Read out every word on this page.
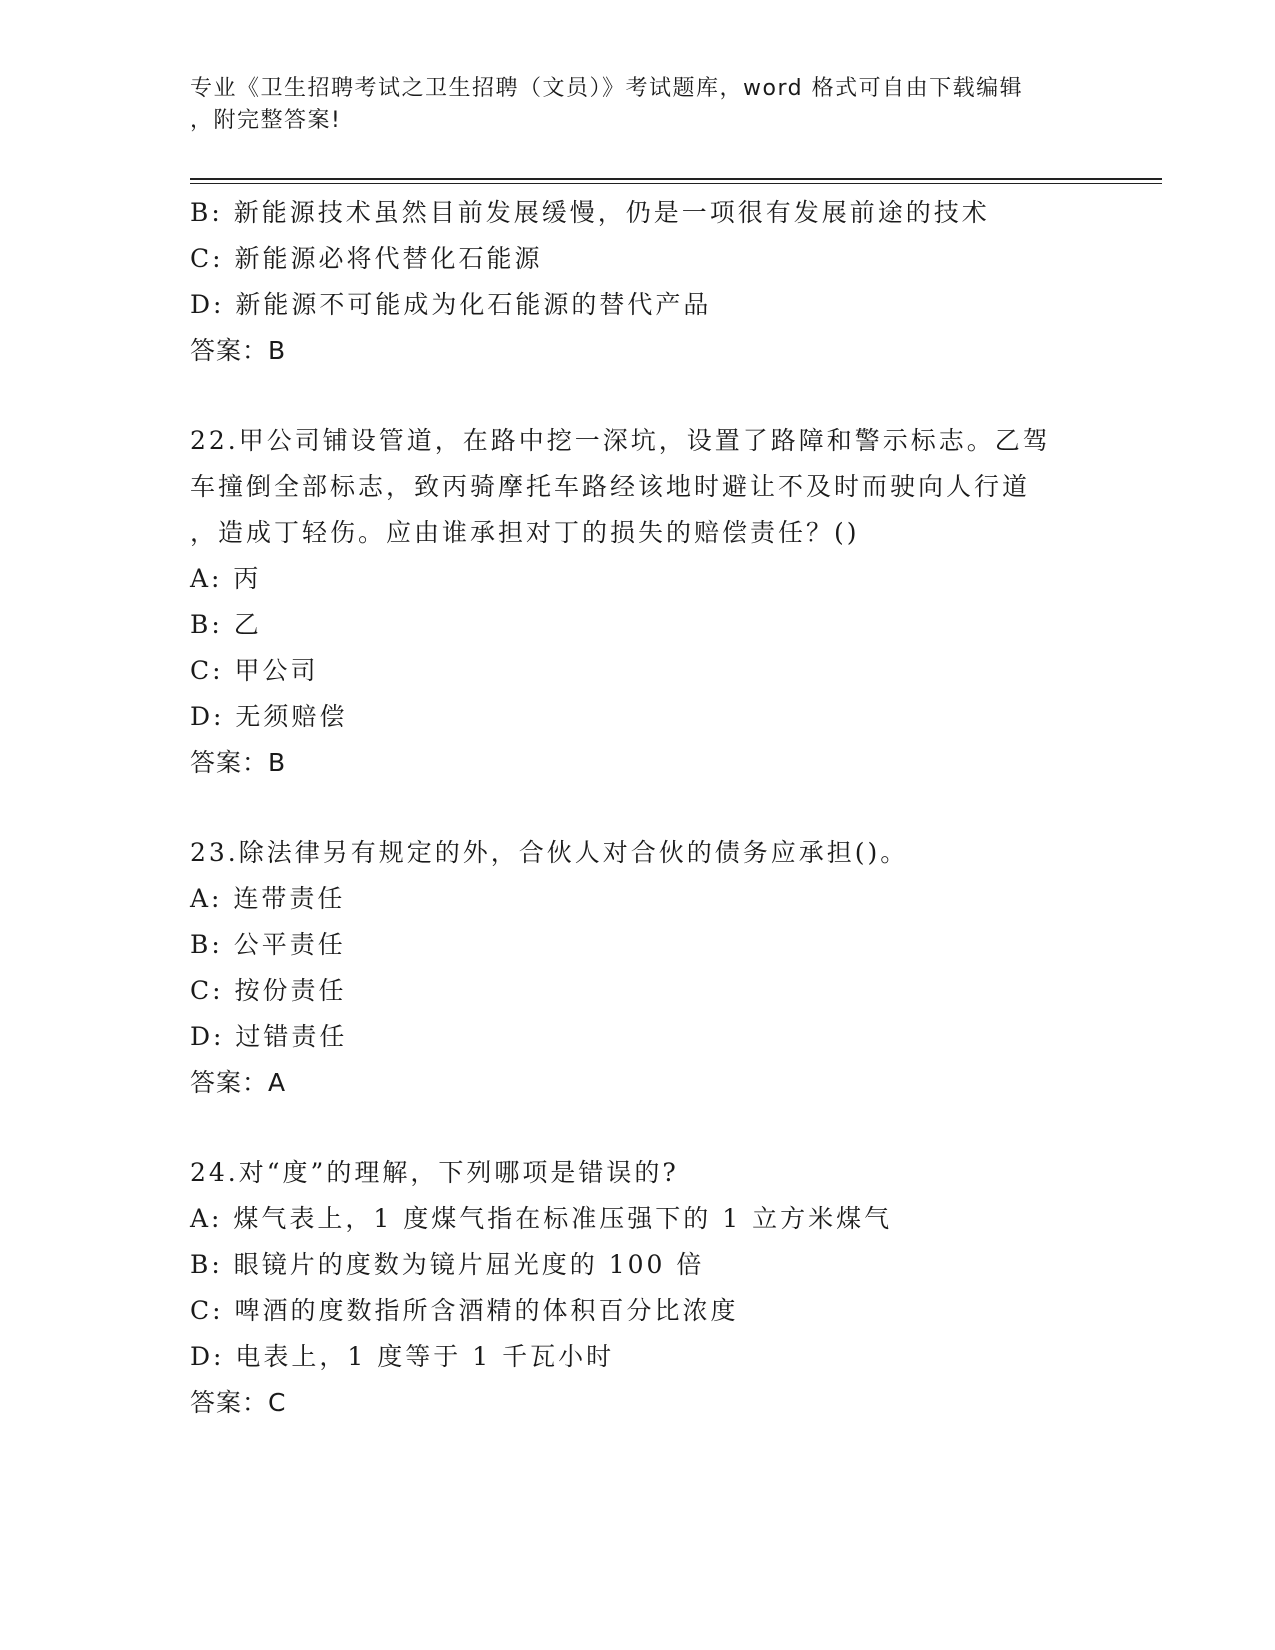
专业《卫生招聘考试之卫生招聘（文员）》考试题库，word 格式可自由下载编辑
，附完整答案!
B: 新能源技术虽然目前发展缓慢，仍是一项很有发展前途的技术
C: 新能源必将代替化石能源
D: 新能源不可能成为化石能源的替代产品
答案：B
22.甲公司铺设管道，在路中挖一深坑，设置了路障和警示标志。乙驾
车撞倒全部标志，致丙骑摩托车路经该地时避让不及时而驶向人行道
，造成丁轻伤。应由谁承担对丁的损失的赔偿责任？()
A: 丙
B: 乙
C: 甲公司
D: 无须赔偿
答案：B
23.除法律另有规定的外，合伙人对合伙的债务应承担()。
A: 连带责任
B: 公平责任
C: 按份责任
D: 过错责任
答案：A
24.对“度”的理解，下列哪项是错误的?
A: 煤气表上，1 度煤气指在标准压强下的 1 立方米煤气
B: 眼镜片的度数为镜片屈光度的 100 倍
C: 啤酒的度数指所含酒精的体积百分比浓度
D: 电表上，1 度等于 1 千瓦小时
答案：C
